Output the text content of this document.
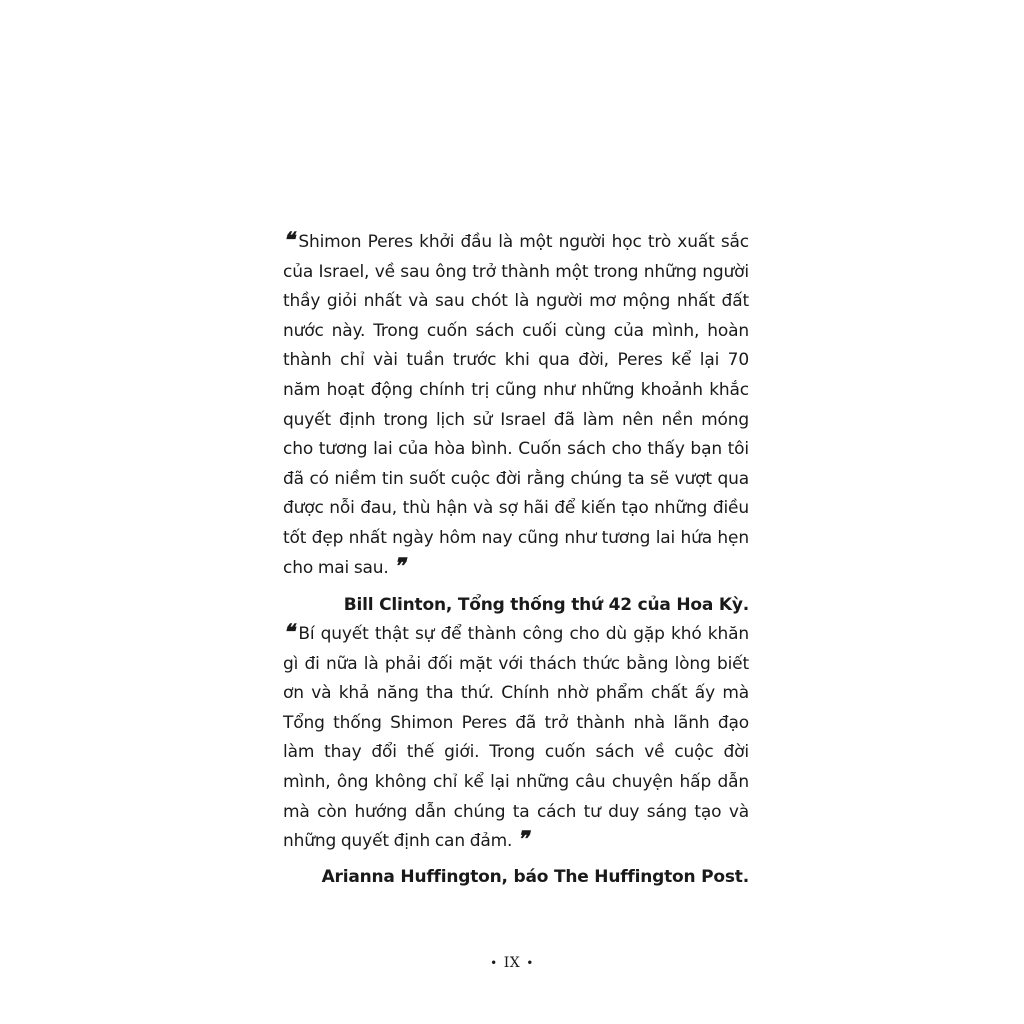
❝ Shimon Peres khởi đầu là một người học trò xuất sắc của Israel, về sau ông trở thành một trong những người thầy giỏi nhất và sau chót là người mơ mộng nhất đất nước này. Trong cuốn sách cuối cùng của mình, hoàn thành chỉ vài tuần trước khi qua đời, Peres kể lại 70 năm hoạt động chính trị cũng như những khoảnh khắc quyết định trong lịch sử Israel đã làm nên nền móng cho tương lai của hòa bình. Cuốn sách cho thấy bạn tôi đã có niềm tin suốt cuộc đời rằng chúng ta sẽ vượt qua được nỗi đau, thù hận và sợ hãi để kiến tạo những điều tốt đẹp nhất ngày hôm nay cũng như tương lai hứa hẹn cho mai sau. ❞

Bill Clinton, Tổng thống thứ 42 của Hoa Kỳ.

❝ Bí quyết thật sự để thành công cho dù gặp khó khăn gì đi nữa là phải đối mặt với thách thức bằng lòng biết ơn và khả năng tha thứ. Chính nhờ phẩm chất ấy mà Tổng thống Shimon Peres đã trở thành nhà lãnh đạo làm thay đổi thế giới. Trong cuốn sách về cuộc đời mình, ông không chỉ kể lại những câu chuyện hấp dẫn mà còn hướng dẫn chúng ta cách tư duy sáng tạo và những quyết định can đảm. ❞

Arianna Huffington, báo The Huffington Post.

• IX •
